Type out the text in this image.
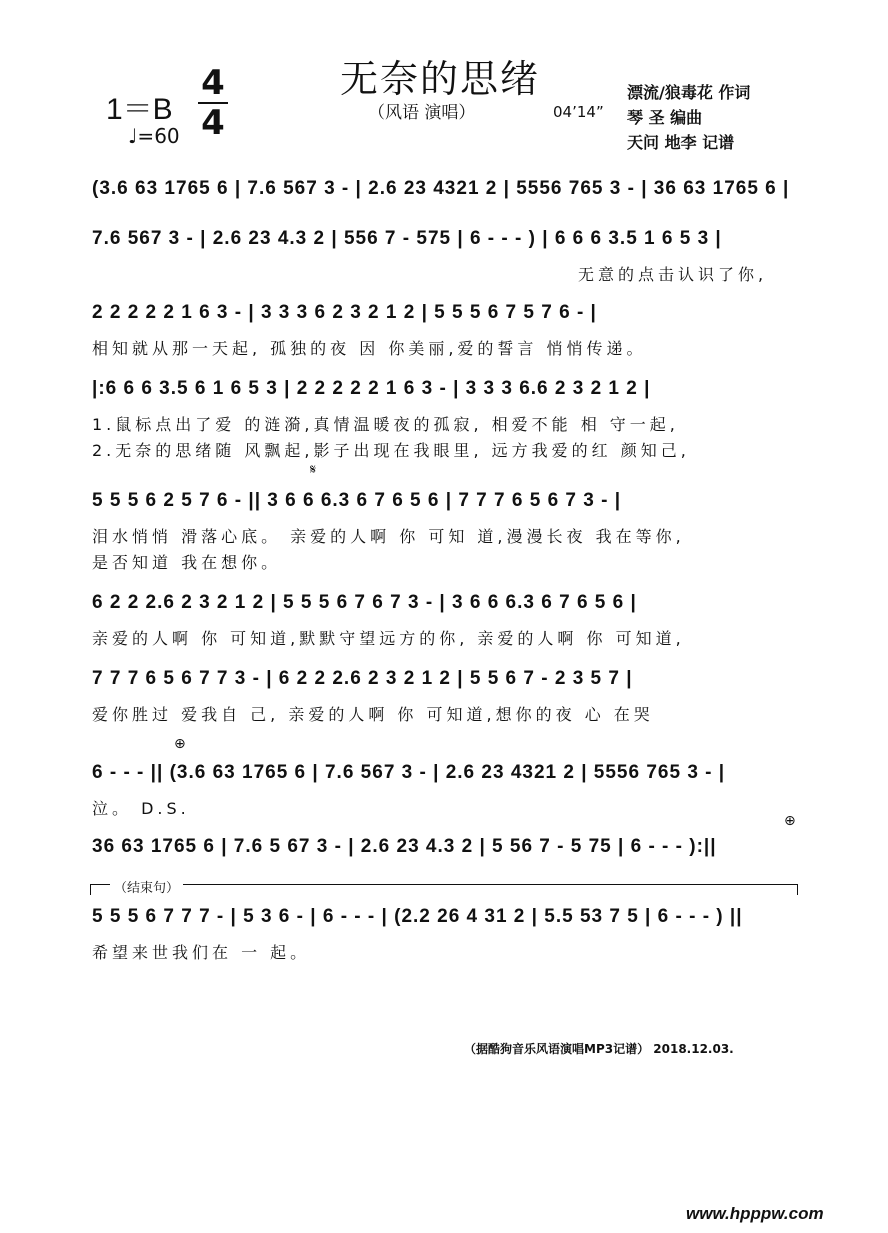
无奈的思绪
（风语 演唱）	04’14”
1＝B
4
4
♩=60
漂流/狼毒花 作词
琴 圣 编曲
天问 地李 记谱
(3.6 63 1765 6 | 7.6 567 3 - | 2.6 23 4321 2 | 5556 765 3 - | 36 63 1765 6 |
7.6 567 3 - | 2.6 23 4.3 2 | 556 7 - 575 | 6 - - - ) | 6 6 6 3.5 1 6 5 3 |
无意的点击认识了你,
2 2 2 2 2 1 6 3 - | 3 3 3 6 2 3 2 1 2 | 5 5 5 6 7 5 7 6 - |
相知就从那一天起, 孤独的夜 因 你美丽,爱的誓言 悄悄传递。
|:6 6 6 3.5 6 1 6 5 3 | 2 2 2 2 2 1 6 3 - | 3 3 3 6.6 2 3 2 1 2 |
1.鼠标点出了爱 的涟漪,真情温暖夜的孤寂, 相爱不能 相 守一起,
2.无奈的思绪随 风飘起,影子出现在我眼里, 远方我爱的红 颜知己,
5 5 5 6 2 5 7 6 - || 3 6 6 6.3 6 7 6 5 6 | 7 7 7 6 5 6 7 3 - |
泪水悄悄 滑落心底。 亲爱的人啊 你 可知 道,漫漫长夜 我在等你,
是否知道 我在想你。
6 2 2 2.6 2 3 2 1 2 | 5 5 5 6 7 6 7 3 - | 3 6 6 6.3 6 7 6 5 6 |
亲爱的人啊 你 可知道,默默守望远方的你, 亲爱的人啊 你 可知道,
7 7 7 6 5 6 7 7 3 - | 6 2 2 2.6 2 3 2 1 2 | 5 5 6 7 - 2 3 5 7 |
爱你胜过 爱我自 己, 亲爱的人啊 你 可知道,想你的夜 心 在哭
6 - - - || (3.6 63 1765 6 | 7.6 567 3 - | 2.6 23 4321 2 | 5556 765 3 - |
泣。 D.S.
36 63 1765 6 | 7.6 5 67 3 - | 2.6 23 4.3 2 | 5 56 7 - 5 75 | 6 - - - ):||
5 5 5 6 7 7 7 - | 5 3 6 - | 6 - - - | (2.2 26 4 31 2 | 5.5 53 7 5 | 6 - - - ) ||
希望来世我们在 一 起。
𝄋
⊕
⊕
（结束句）
（据酷狗音乐风语演唱MP3记谱） 2018.12.03.
www.hpppw.com
